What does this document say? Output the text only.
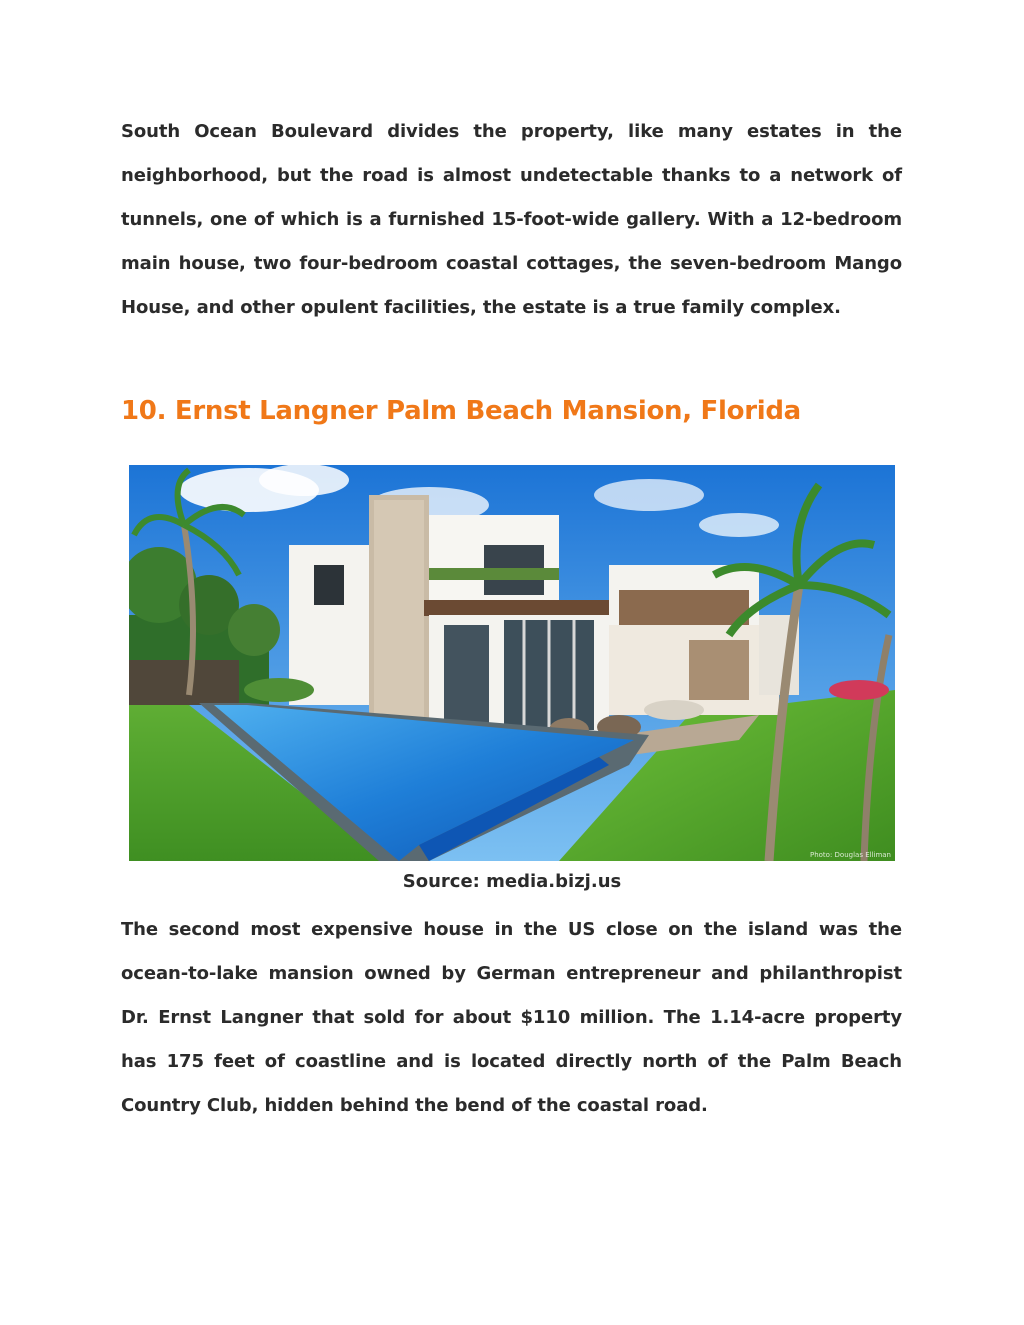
South Ocean Boulevard divides the property, like many estates in the neighborhood, but the road is almost undetectable thanks to a network of tunnels, one of which is a furnished 15-foot-wide gallery. With a 12-bedroom main house, two four-bedroom coastal cottages, the seven-bedroom Mango House, and other opulent facilities, the estate is a true family complex.

10. Ernst Langner Palm Beach Mansion, Florida
Photo: Douglas Elliman

Source: media.bizj.us

The second most expensive house in the US close on the island was the ocean-to-lake mansion owned by German entrepreneur and philanthropist Dr. Ernst Langner that sold for about $110 million. The 1.14-acre property has 175 feet of coastline and is located directly north of the Palm Beach Country Club, hidden behind the bend of the coastal road.
